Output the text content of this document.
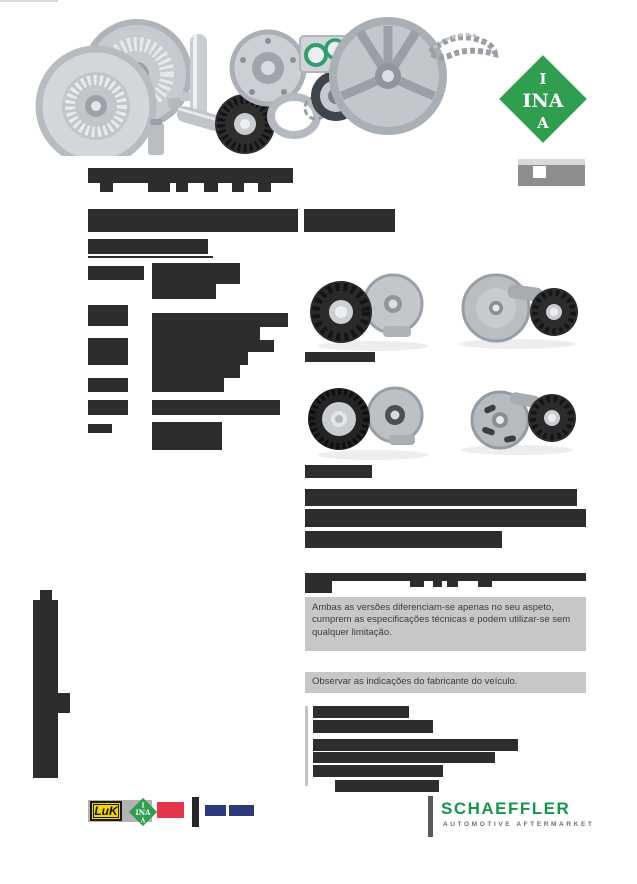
I
INA
A
Ambas as versões diferenciam-se apenas no seu aspeto, cumprem as especificações técnicas e podem utilizar-se sem qualquer limitação.
Observar as indicações do fabricante do veículo.
LuK	I
INA
A
SCHAEFFLER
AUTOMOTIVE AFTERMARKET
